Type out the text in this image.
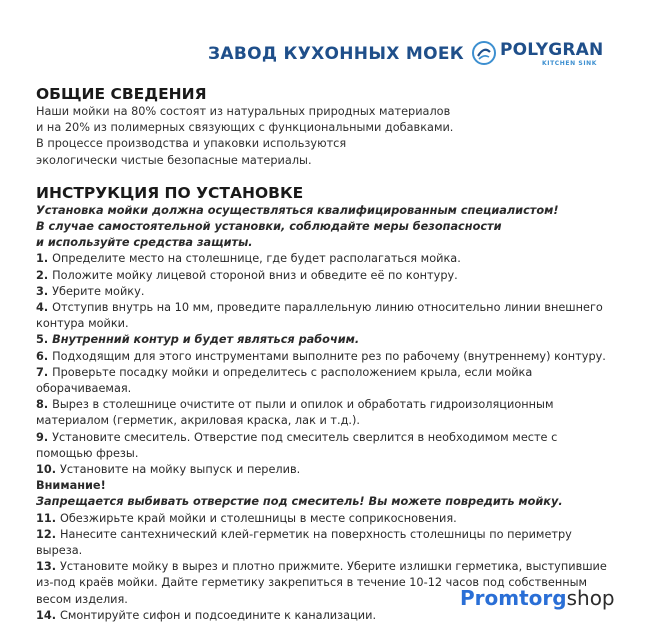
ЗАВОД КУХОННЫХ МОЕК POLYGRAN
KITCHEN SINK
ОБЩИЕ СВЕДЕНИЯ

Наши мойки на 80% состоят из натуральных природных материалов

и на 20% из полимерных связующих с функциональными добавками.

В процессе производства и упаковки используются

экологически чистые безопасные материалы.

ИНСТРУКЦИЯ ПО УСТАНОВКЕ

Установка мойки должна осуществляться квалифицированным специалистом!

В случае самостоятельной установки, соблюдайте меры безопасности

и используйте средства защиты.

1. Определите место на столешнице, где будет располагаться мойка.

2. Положите мойку лицевой стороной вниз и обведите её по контуру.

3. Уберите мойку.

4. Отступив внутрь на 10 мм, проведите параллельную линию относительно линии внешнего контура мойки.

5. Внутренний контур и будет являться рабочим.

6. Подходящим для этого инструментами выполните рез по рабочему (внутреннему) контуру.

7. Проверьте посадку мойки и определитесь с расположением крыла, если мойка оборачиваемая.

8. Вырез в столешнице очистите от пыли и опилок и обработать гидроизоляционным материалом (герметик, акриловая краска, лак и т.д.).

9. Установите смеситель. Отверстие под смеситель сверлится в необходимом месте с помощью фрезы.

10. Установите на мойку выпуск и перелив.

Внимание!

Запрещается выбивать отверстие под смеситель! Вы можете повредить мойку.

11. Обезжирьте край мойки и столешницы в месте соприкосновения.

12. Нанесите сантехнический клей-герметик на поверхность столешницы по периметру выреза.

13. Установите мойку в вырез и плотно прижмите. Уберите излишки герметика, выступившие из-под краёв мойки. Дайте герметику закрепиться в течение 10-12 часов под собственным весом изделия.

14. Смонтируйте сифон и подсоедините к канализации.

Promtorgshop
